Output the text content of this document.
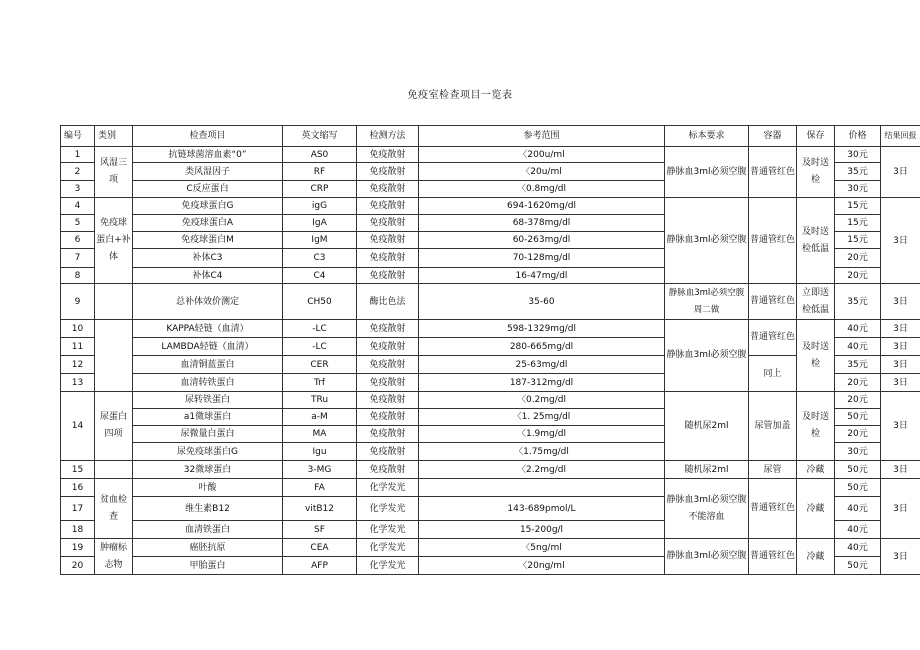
免疫室检查项目一览表
编号	类别	检查项目	英文缩写	检测方法	参考范围	标本要求	容器	保存	价格	结果回报
1	风湿三项	抗链球菌溶血素“0”	AS0	免疫散射	〈200u/ml	静脉血3ml必须空腹	普通管红色	及时送检	30元	3日
2		类风湿因子	RF	免疫散射	〈20u/ml				35元	
3		C反应蛋白	CRP	免疫散射	〈0.8mg/dl				30元	
4	免疫球蛋白+补体	免疫球蛋白G	igG	免疫散射	694-1620mg/dl	静脉血3ml必须空腹	普通管红色	及时送检低温	15元	3日
5		免疫球蛋白A	IgA	免疫散射	68-378mg/dl				15元	
6		免疫球蛋白M	IgM	免疫散射	60-263mg/dl				15元	
7		补体C3	C3	免疫散射	70-128mg/dl				20元	
8		补体C4	C4	免疫散射	16-47mg/dl				20元	
9		总补体效价测定	CH50	酶比色法	35-60	静脉血3ml必须空腹周二做	普通管红色	立即送检低温	35元	3日
10		KAPPA轻链（血清）	-LC	免疫散射	598-1329mg/dl	静脉血3ml必须空腹	普通管红色	及时送检	40元	3日
11		LAMBDA轻链（血清）	-LC	免疫散射	280-665mg/dl				40元	3日
12		血清铜蓝蛋白	CER	免疫散射	25-63mg/dl		同上		35元	3日
13		血清转铁蛋白	Trf	免疫散射	187-312mg/dl				20元	3日
14	尿蛋白四项	尿转铁蛋白	TRu	免疫散射	〈0.2mg/dl	随机尿2ml	尿管加盖	及时送检	20元	3日
		a1微球蛋白	a-M	免疫散射	〈1. 25mg/dl				50元	
		尿微量白蛋白	MA	免疫散射	〈1.9mg/dl				20元	
		尿免疫球蛋白G	Igu	免疫散射	〈1.75mg/dl				30元	
15		32微球蛋白	3-MG	免疫散射	〈2.2mg/dl	随机尿2ml	尿管	冷藏	50元	3日
16	贫血检查	叶酸	FA	化学发光		静脉血3ml必须空腹不能溶血	普通管红色	冷藏	50元	3日
17		维生素B12	vitB12	化学发光	143-689pmol/L				40元	
18		血清铁蛋白	SF	化学发光	15-200g/l				40元	
19	肿瘤标志物	癌胚抗原	CEA	化学发光	〈5ng/ml	静脉血3ml必须空腹	普通管红色	冷藏	40元	3日
20		甲胎蛋白	AFP	化学发光	〈20ng/ml				50元	
